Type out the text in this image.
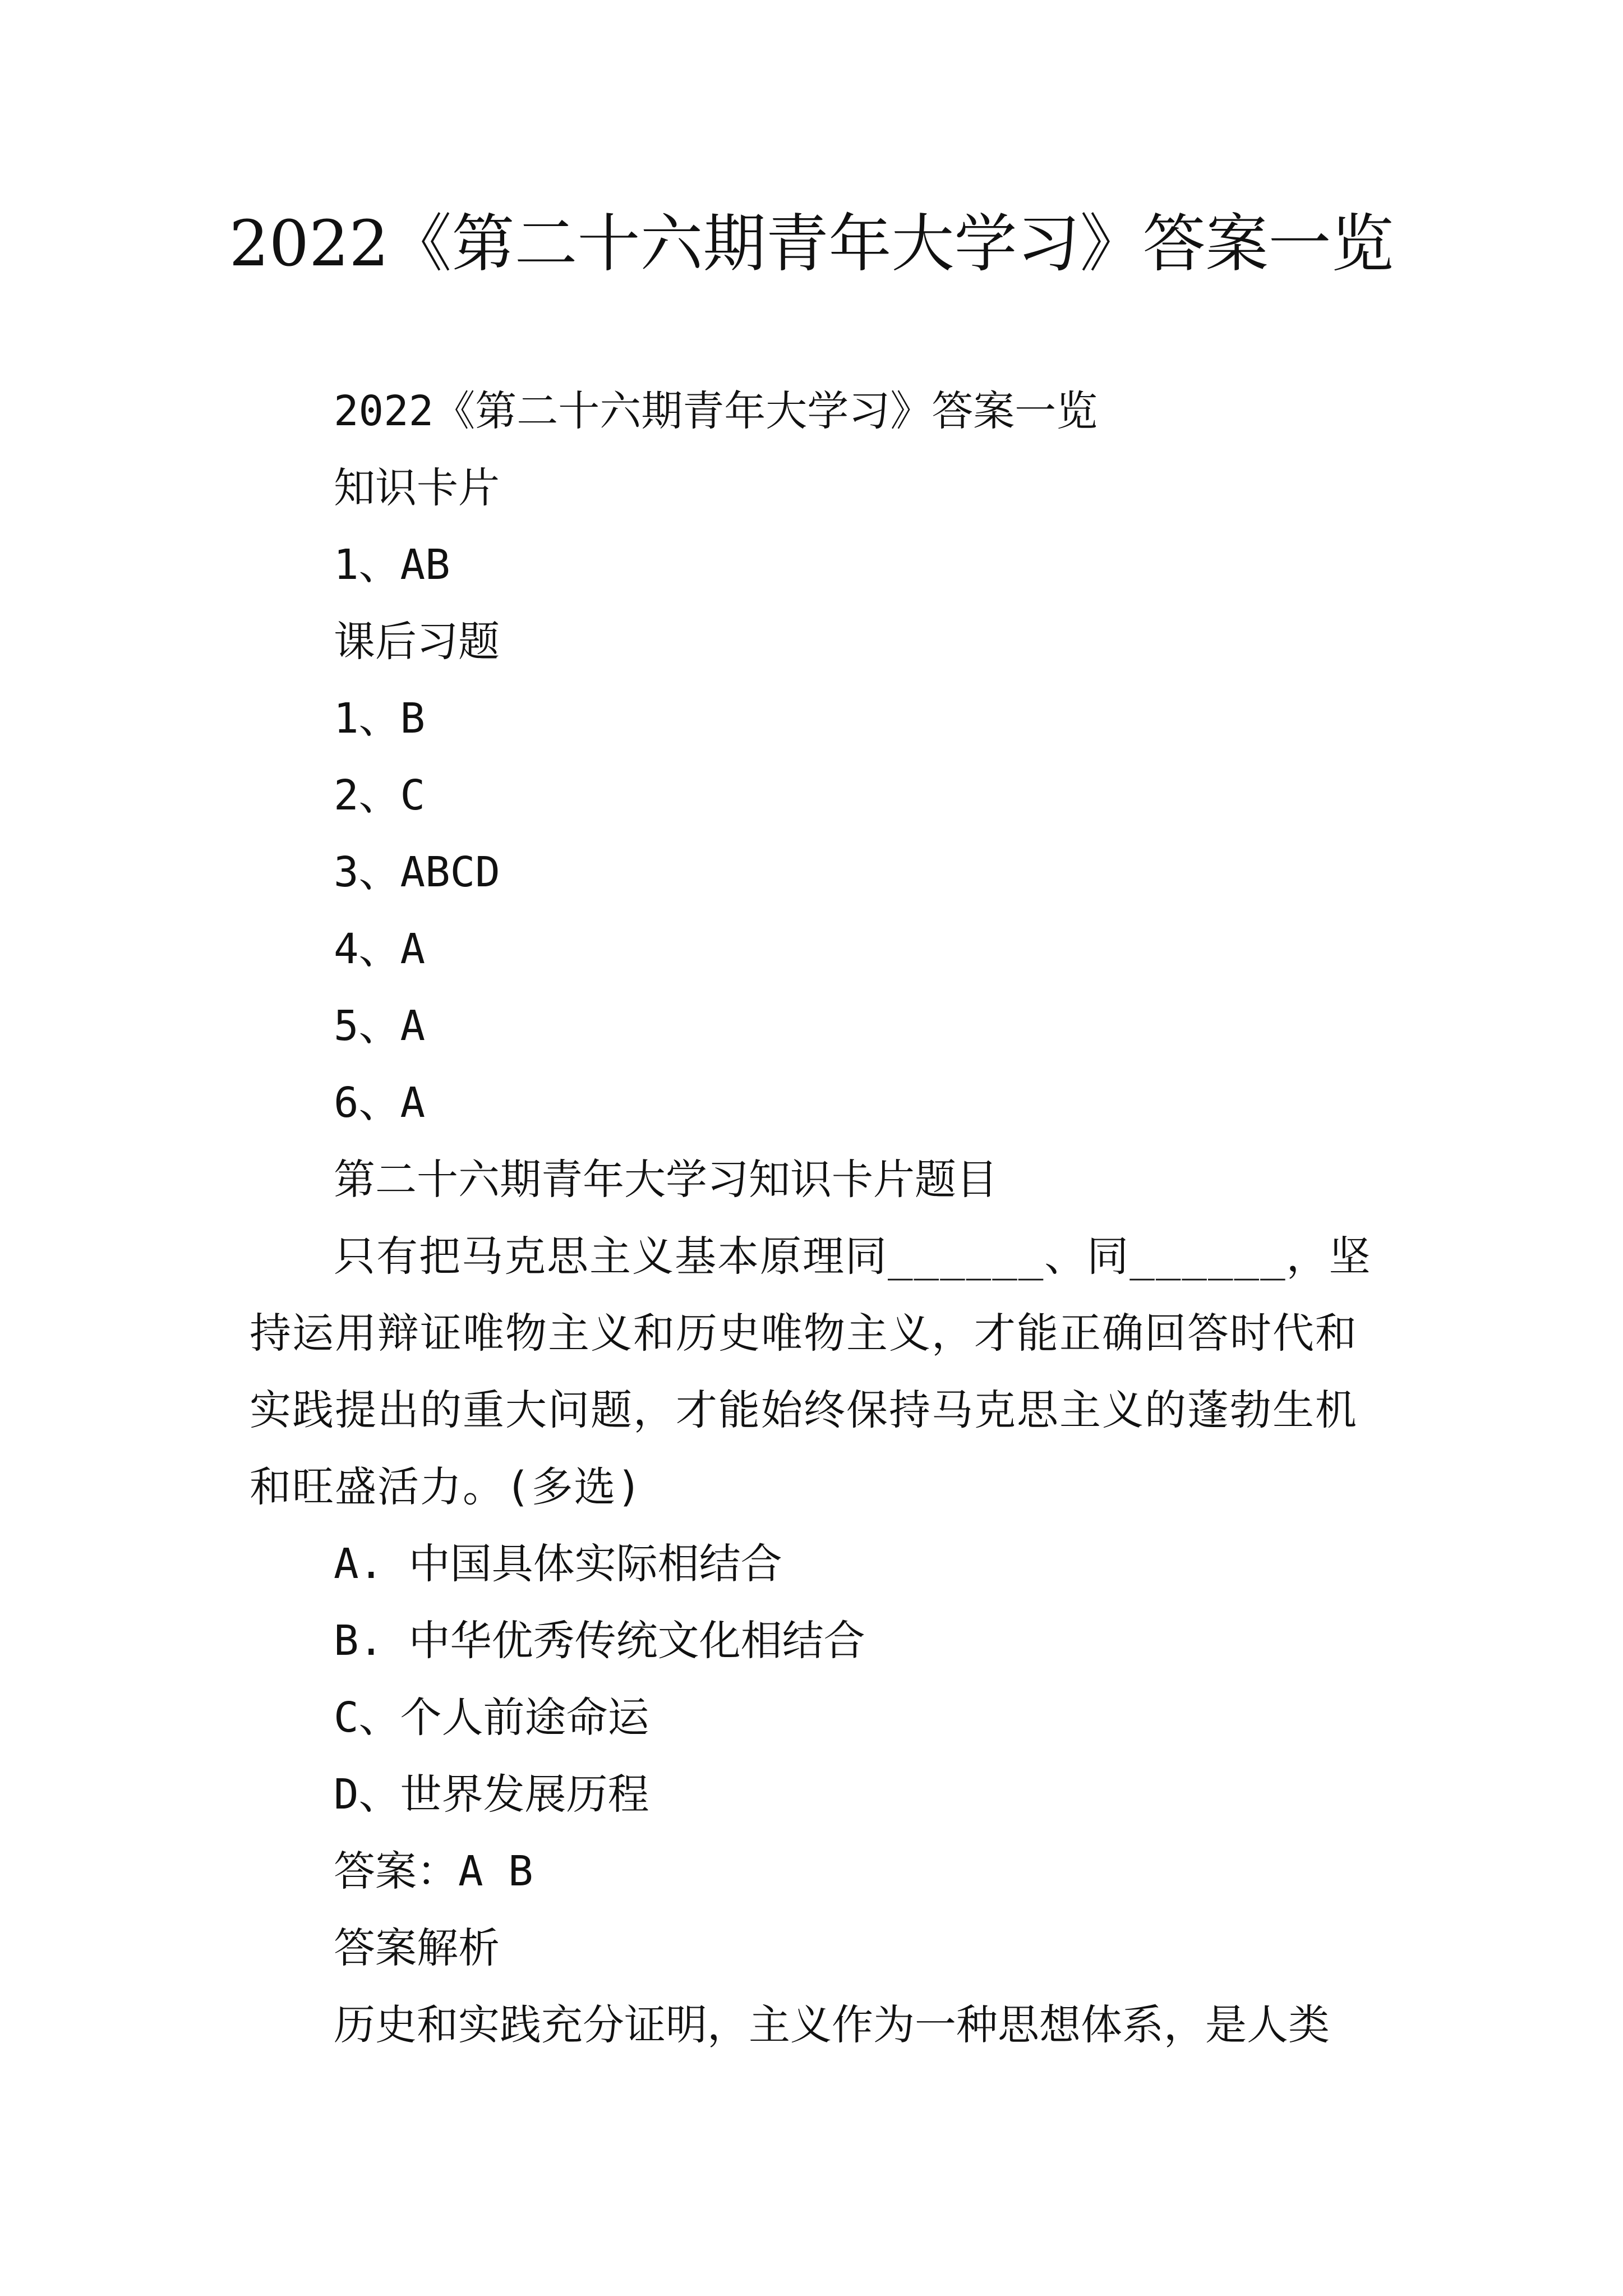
2022《第二十六期青年大学习》答案一览
2022《第二十六期青年大学习》答案一览
知识卡片
1、AB
课后习题
1、B
2、C
3、ABCD
4、A
5、A
6、A
第二十六期青年大学习知识卡片题目
只有把马克思主义基本原理同______、同______，坚持运用辩证唯物主义和历史唯物主义，才能正确回答时代和实践提出的重大问题，才能始终保持马克思主义的蓬勃生机和旺盛活力。(多选)
A. 中国具体实际相结合
B. 中华优秀传统文化相结合
C、个人前途命运
D、世界发展历程
答案：A B
答案解析
历史和实践充分证明，主义作为一种思想体系，是人类
